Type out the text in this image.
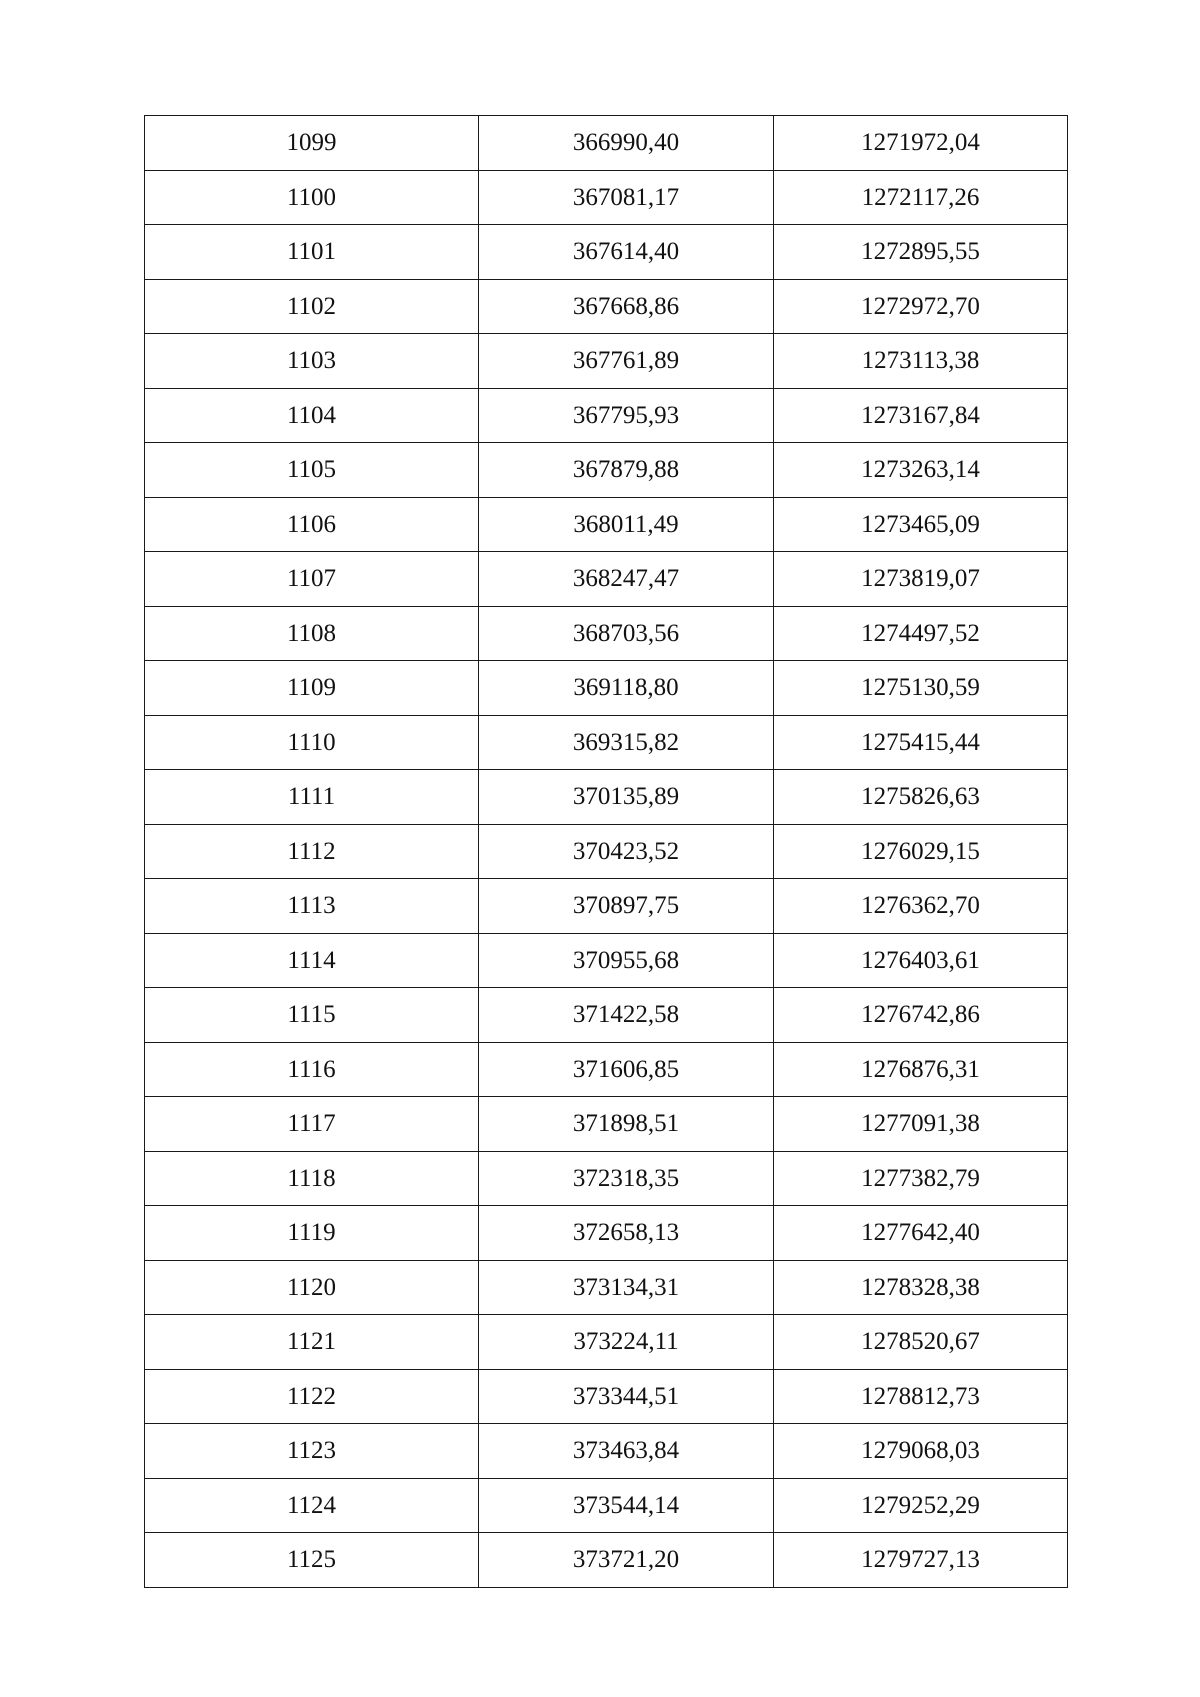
1099	366990,40	1271972,04
1100	367081,17	1272117,26
1101	367614,40	1272895,55
1102	367668,86	1272972,70
1103	367761,89	1273113,38
1104	367795,93	1273167,84
1105	367879,88	1273263,14
1106	368011,49	1273465,09
1107	368247,47	1273819,07
1108	368703,56	1274497,52
1109	369118,80	1275130,59
1110	369315,82	1275415,44
1111	370135,89	1275826,63
1112	370423,52	1276029,15
1113	370897,75	1276362,70
1114	370955,68	1276403,61
1115	371422,58	1276742,86
1116	371606,85	1276876,31
1117	371898,51	1277091,38
1118	372318,35	1277382,79
1119	372658,13	1277642,40
1120	373134,31	1278328,38
1121	373224,11	1278520,67
1122	373344,51	1278812,73
1123	373463,84	1279068,03
1124	373544,14	1279252,29
1125	373721,20	1279727,13
